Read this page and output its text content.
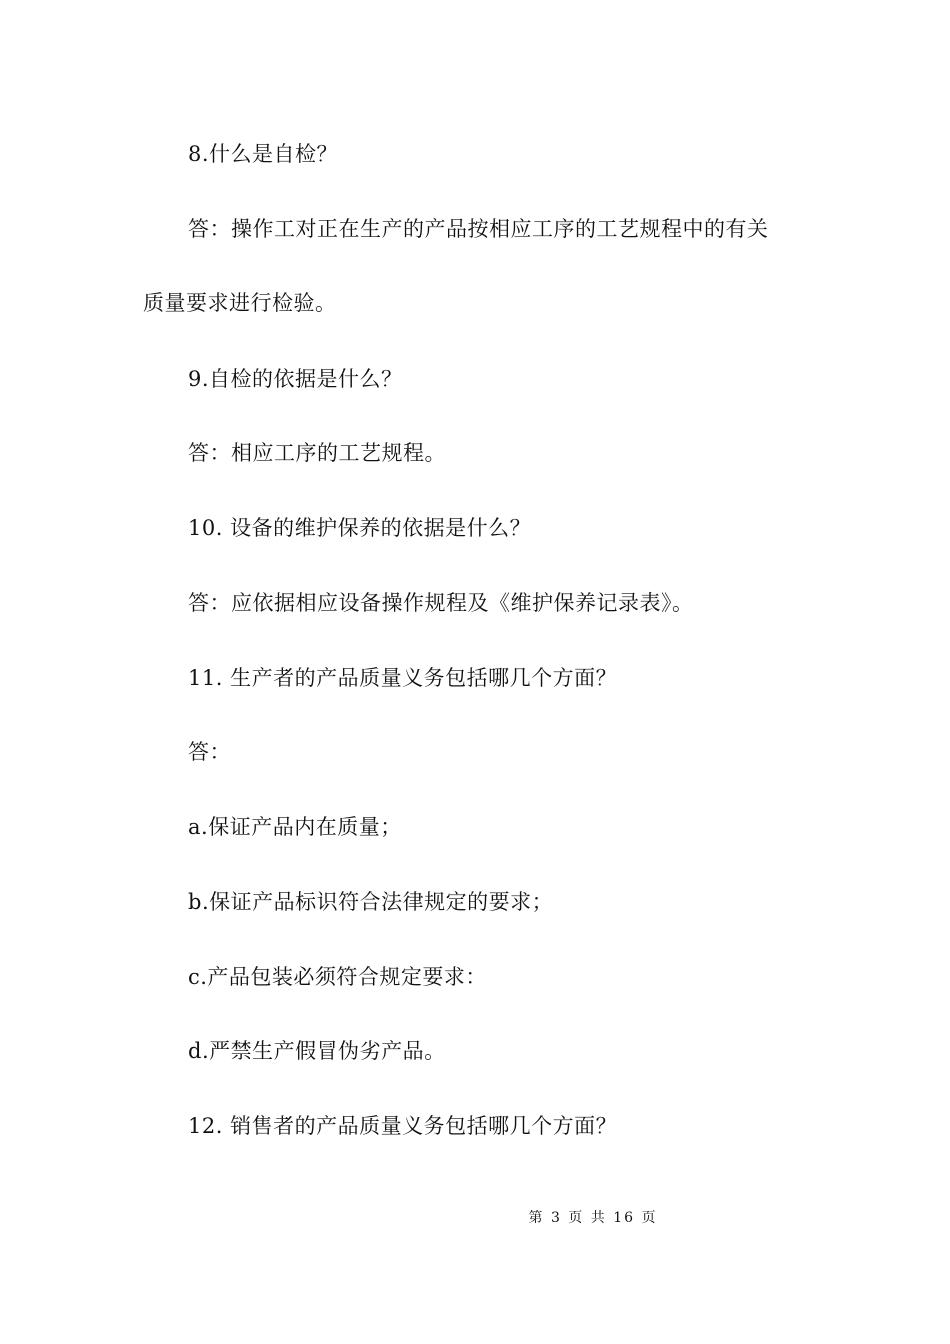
8.什么是自检？
答：操作工对正在生产的产品按相应工序的工艺规程中的有关
质量要求进行检验。
9.自检的依据是什么？
答：相应工序的工艺规程。
10. 设备的维护保养的依据是什么？
答：应依据相应设备操作规程及《维护保养记录表》。
11. 生产者的产品质量义务包括哪几个方面？
答：
a.保证产品内在质量；
b.保证产品标识符合法律规定的要求；
c.产品包装必须符合规定要求：
d.严禁生产假冒伪劣产品。
12. 销售者的产品质量义务包括哪几个方面？
第 3 页 共 16 页
